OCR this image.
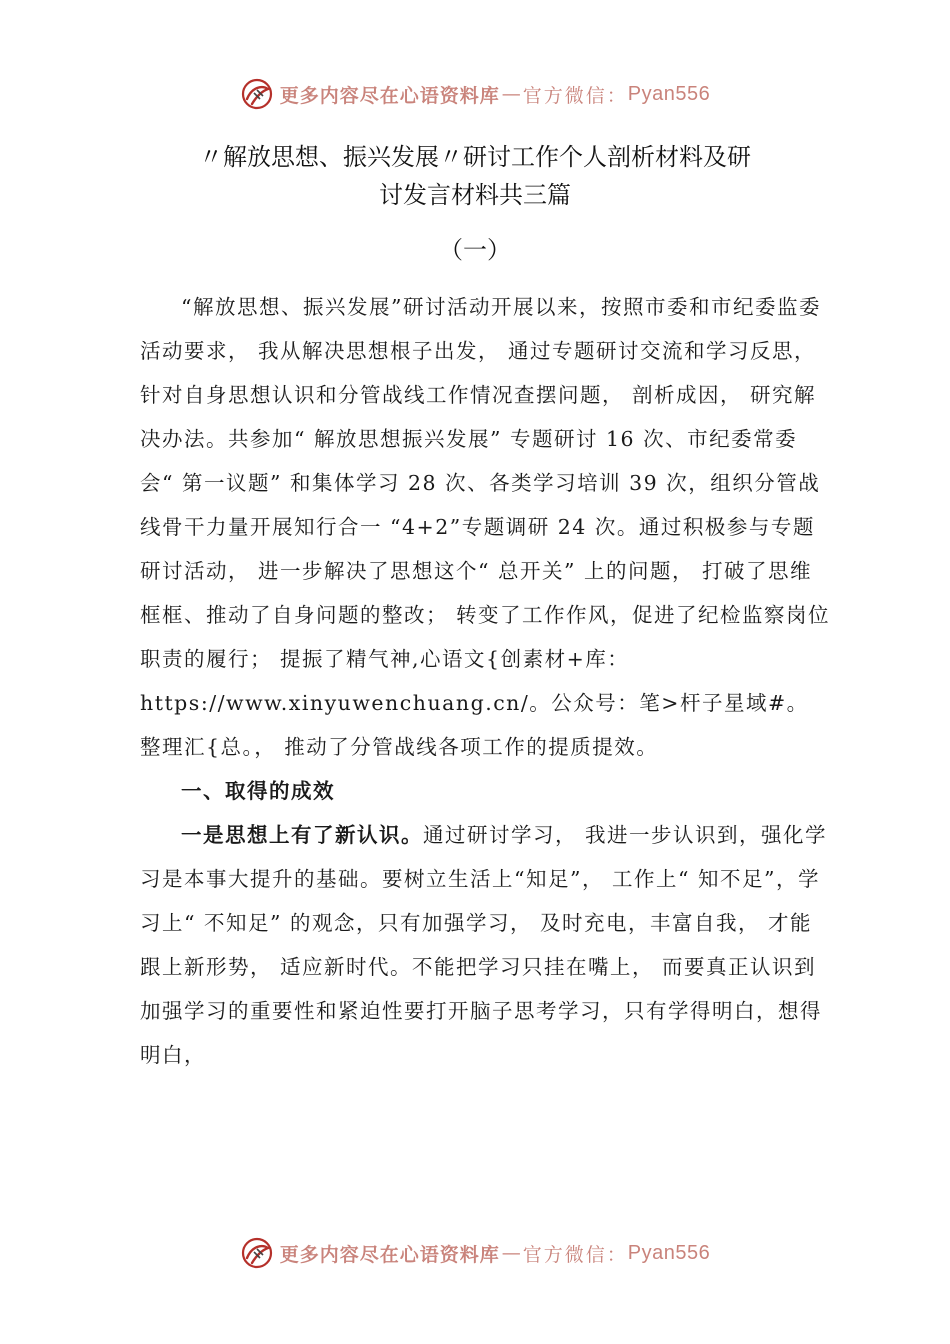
更多内容尽在心语资料库 — 官方微信： Pyan556
〃解放思想、振兴发展〃研讨工作个人剖析材料及研
讨发言材料共三篇
（一）

“解放思想、振兴发展”研讨活动开展以来，按照市委和市纪委监委活动要求， 我从解决思想根子出发， 通过专题研讨交流和学习反思， 针对自身思想认识和分管战线工作情况查摆问题， 剖析成因， 研究解决办法。共参加“ 解放思想振兴发展” 专题研讨 16 次、市纪委常委会“ 第一议题” 和集体学习 28 次、各类学习培训 39 次，组织分管战线骨干力量开展知行合一 “4+2”专题调研 24 次。通过积极参与专题研讨活动， 进一步解决了思想这个“ 总开关” 上的问题， 打破了思维框框、推动了自身问题的整改； 转变了工作作风，促进了纪检监察岗位职责的履行； 提振了精气神,心语文{创素材+库：https://www.xinyuwenchuang.cn/。公众号：笔>杆子星域#。整理汇{总。， 推动了分管战线各项工作的提质提效。

一、取得的成效

一是思想上有了新认识。通过研讨学习， 我进一步认识到，强化学习是本事大提升的基础。要树立生活上“知足”， 工作上“ 知不足”，学习上“ 不知足” 的观念，只有加强学习， 及时充电，丰富自我， 才能跟上新形势， 适应新时代。不能把学习只挂在嘴上， 而要真正认识到加强学习的重要性和紧迫性要打开脑子思考学习，只有学得明白，想得明白，

更多内容尽在心语资料库 — 官方微信： Pyan556
